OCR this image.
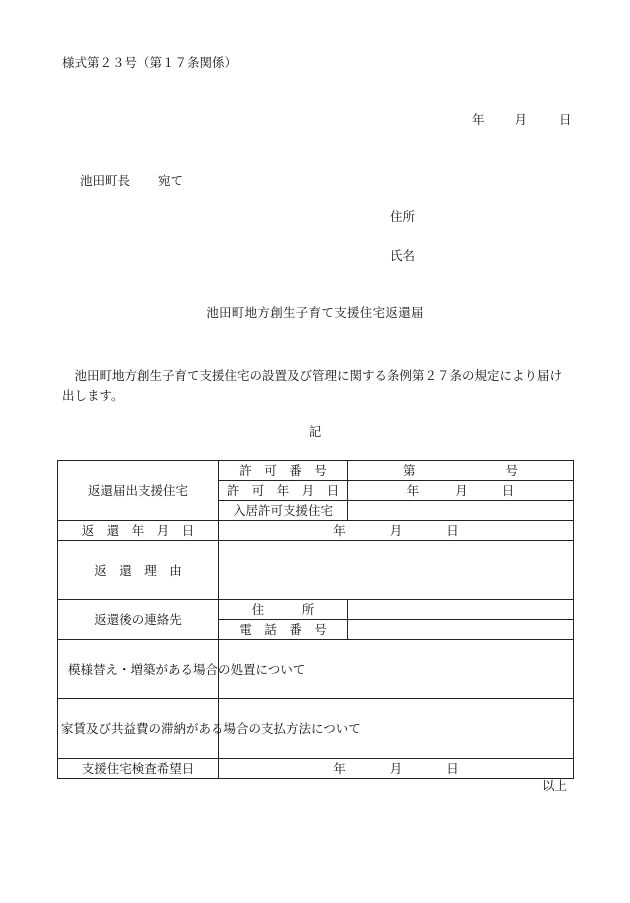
様式第２３号（第１７条関係）
年 月	日
池田町長 宛て
住所
氏名
池田町地方創生子育て支援住宅返還届
　池田町地方創生子育て支援住宅の設置及び管理に関する条例第２７条の規定により届け出します。
記
返還届出支援住宅	許　可　番　号	第 号
	許　可　年　月　日	年 月 日
	入居許可支援住宅	
返　還　年　月　日	年 月 日	
返　還　理　由		
返還後の連絡先	住　　　所	
	電　話　番　号	
模様替え・増築がある場合の処置について		
家賃及び共益費の滞納がある場合の支払方法について		
支援住宅検査希望日	年 月 日	
以上
